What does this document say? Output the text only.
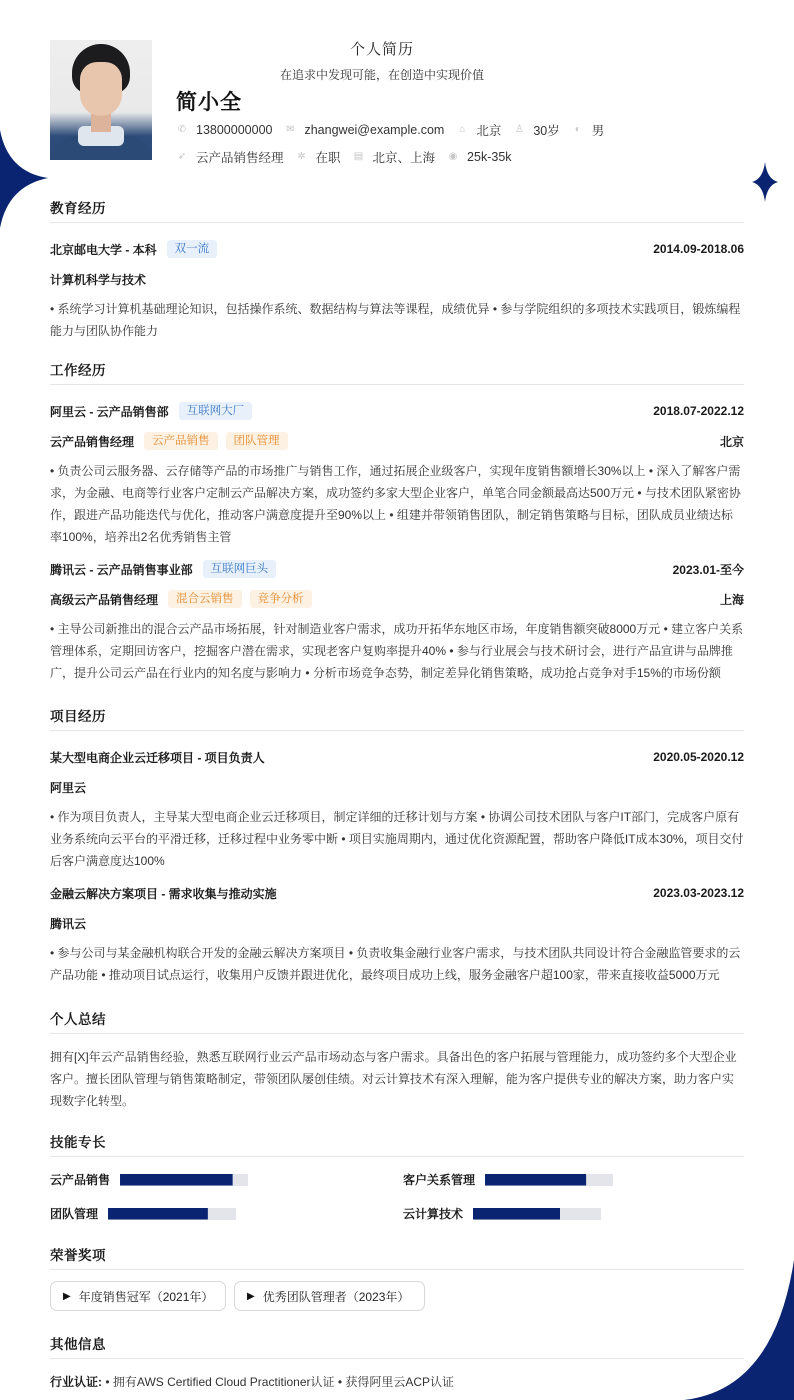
个人简历
在追求中发现可能，在创造中实现价值
简小全
✆ 13800000000 ✉ zhangwei@example.com ⌂ 北京 ♙ 30岁 ◐ 男
➶ 云产品销售经理 ✲ 在职 ▤ 北京、上海 ◉ 25k-35k
教育经历
北京邮电大学 - 本科	双一流	2014.09-2018.06
计算机科学与技术
• 系统学习计算机基础理论知识，包括操作系统、数据结构与算法等课程，成绩优异 • 参与学院组织的多项技术实践项目，锻炼编程能力与团队协作能力
工作经历
阿里云 - 云产品销售部	互联网大厂	2018.07-2022.12
云产品销售经理	云产品销售	团队管理	北京
• 负责公司云服务器、云存储等产品的市场推广与销售工作，通过拓展企业级客户，实现年度销售额增长30%以上 • 深入了解客户需求，为金融、电商等行业客户定制云产品解决方案，成功签约多家大型企业客户，单笔合同金额最高达500万元 • 与技术团队紧密协作，跟进产品功能迭代与优化，推动客户满意度提升至90%以上 • 组建并带领销售团队，制定销售策略与目标，团队成员业绩达标率100%，培养出2名优秀销售主管
腾讯云 - 云产品销售事业部	互联网巨头	2023.01-至今
高级云产品销售经理	混合云销售	竞争分析	上海
• 主导公司新推出的混合云产品市场拓展，针对制造业客户需求，成功开拓华东地区市场，年度销售额突破8000万元 • 建立客户关系管理体系，定期回访客户，挖掘客户潜在需求，实现老客户复购率提升40% • 参与行业展会与技术研讨会，进行产品宣讲与品牌推广，提升公司云产品在行业内的知名度与影响力 • 分析市场竞争态势，制定差异化销售策略，成功抢占竞争对手15%的市场份额
项目经历
某大型电商企业云迁移项目 - 项目负责人	2020.05-2020.12
阿里云
• 作为项目负责人，主导某大型电商企业云迁移项目，制定详细的迁移计划与方案 • 协调公司技术团队与客户IT部门，完成客户原有业务系统向云平台的平滑迁移，迁移过程中业务零中断 • 项目实施周期内，通过优化资源配置，帮助客户降低IT成本30%，项目交付后客户满意度达100%
金融云解决方案项目 - 需求收集与推动实施	2023.03-2023.12
腾讯云
• 参与公司与某金融机构联合开发的金融云解决方案项目 • 负责收集金融行业客户需求，与技术团队共同设计符合金融监管要求的云产品功能 • 推动项目试点运行，收集用户反馈并跟进优化，最终项目成功上线，服务金融客户超100家，带来直接收益5000万元
个人总结
拥有[X]年云产品销售经验，熟悉互联网行业云产品市场动态与客户需求。具备出色的客户拓展与管理能力，成功签约多个大型企业客户。擅长团队管理与销售策略制定，带领团队屡创佳绩。对云计算技术有深入理解，能为客户提供专业的解决方案，助力客户实现数字化转型。
技能专长
云产品销售	客户关系管理
团队管理	云计算技术
荣誉奖项
▶ 年度销售冠军（2021年）	▶ 优秀团队管理者（2023年）
其他信息
行业认证: • 拥有AWS Certified Cloud Practitioner认证 • 获得阿里云ACP认证
